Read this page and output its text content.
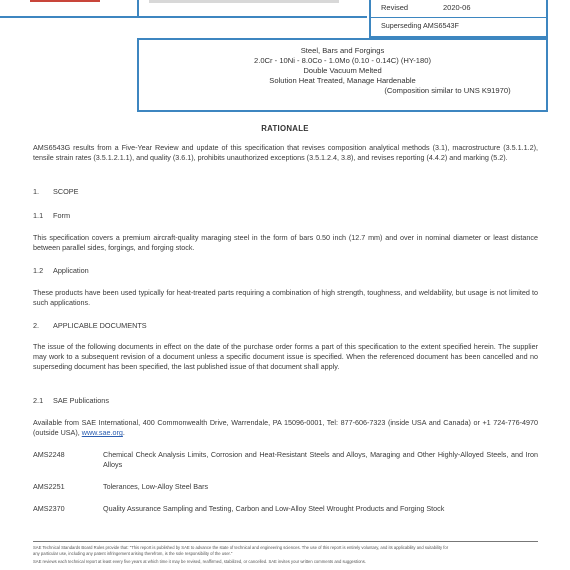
Revised	2020-06
Superseding AMS6543F
Steel, Bars and Forgings
2.0Cr - 10Ni - 8.0Co - 1.0Mo (0.10 - 0.14C) (HY-180)
Double Vacuum Melted
Solution Heat Treated, Manage Hardenable
(Composition similar to UNS K91970)
RATIONALE
AMS6543G results from a Five-Year Review and update of this specification that revises composition analytical methods (3.1), macrostructure (3.5.1.1.2), tensile strain rates (3.5.1.2.1.1), and quality (3.6.1), prohibits unauthorized exceptions (3.5.1.2.4, 3.8), and revises reporting (4.4.2) and marking (5.2).
1. SCOPE
1.1 Form
This specification covers a premium aircraft-quality maraging steel in the form of bars 0.50 inch (12.7 mm) and over in nominal diameter or least distance between parallel sides, forgings, and forging stock.
1.2 Application
These products have been used typically for heat-treated parts requiring a combination of high strength, toughness, and weldability, but usage is not limited to such applications.
2. APPLICABLE DOCUMENTS
The issue of the following documents in effect on the date of the purchase order forms a part of this specification to the extent specified herein. The supplier may work to a subsequent revision of a document unless a specific document issue is specified. When the referenced document has been cancelled and no superseding document has been specified, the last published issue of that document shall apply.
2.1 SAE Publications
Available from SAE International, 400 Commonwealth Drive, Warrendale, PA 15096-0001, Tel: 877-606-7323 (inside USA and Canada) or +1 724-776-4970 (outside USA), www.sae.org.
AMS2248	Chemical Check Analysis Limits, Corrosion and Heat-Resistant Steels and Alloys, Maraging and Other Highly-Alloyed Steels, and Iron Alloys
AMS2251	Tolerances, Low-Alloy Steel Bars
AMS2370	Quality Assurance Sampling and Testing, Carbon and Low-Alloy Steel Wrought Products and Forging Stock
SAE Technical Standards Board Rules provide that: "This report is published by SAE to advance the state of technical and engineering sciences. The use of this report is entirely voluntary, and its applicability and suitability for
any particular use, including any patent infringement arising therefrom, is the sole responsibility of the user."
SAE reviews each technical report at least every five years at which time it may be revised, reaffirmed, stabilized, or cancelled. SAE invites your written comments and suggestions.
